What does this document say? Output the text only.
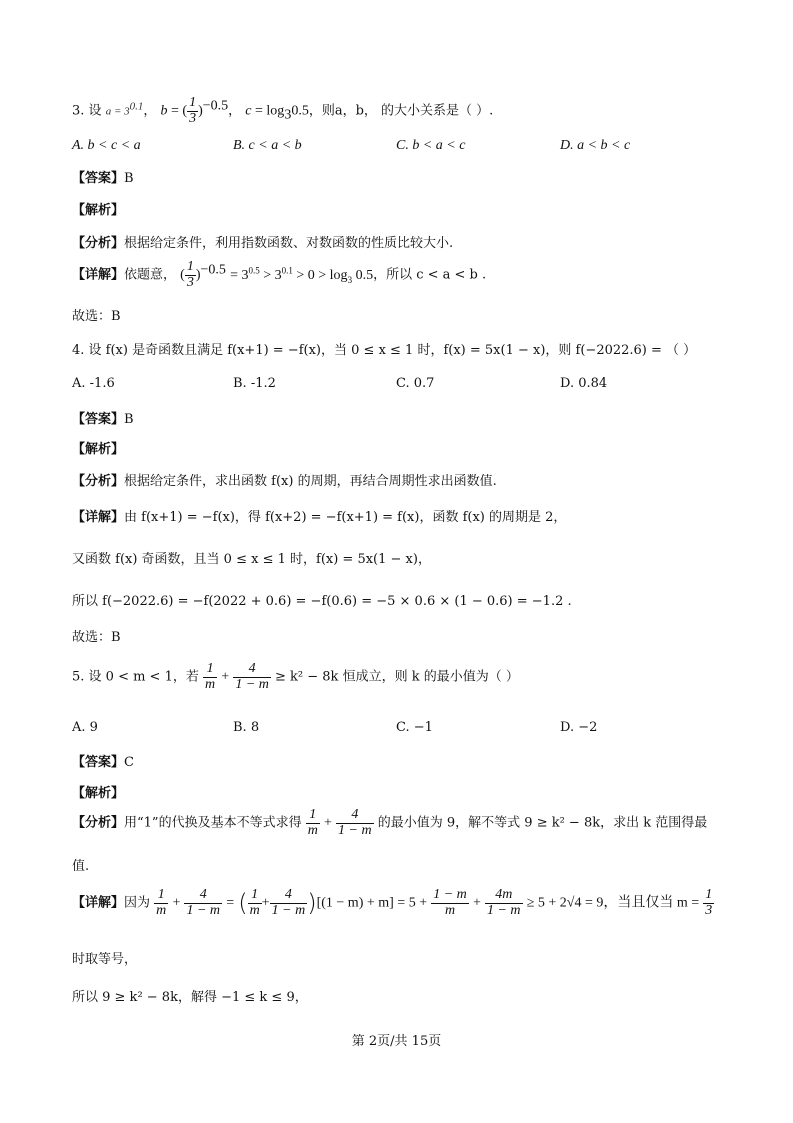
3. 设 $a = 3^{0.1}$， b = ( $\frac{1}{3} )^{-0.5}$， $c = \log_30.5$，则a，b， 的大小关系是（ ）.
A. b < c < a	B. c < a < b	C. b < a < c	D. a < b < c
【答案】B
【解析】
【分析】根据给定条件，利用指数函数、对数函数的性质比较大小.
【详解】依题意， ( $\frac{1}{3} )^{-0.5} = 3^{0.5} > 3^{0.1} > 0 > \log_3 0.5$，所以 c < a < b .
故选：B
4. 设 f(x) 是奇函数且满足 f(x+1) = −f(x)，当 0 ≤ x ≤ 1 时，f(x) = 5x(1 − x)，则 f(−2022.6) = （ ）
A. -1.6	B. -1.2	C. 0.7	D. 0.84
【答案】B
【解析】
【分析】根据给定条件，求出函数 f(x) 的周期，再结合周期性求出函数值.
【详解】由 f(x+1) = −f(x)，得 f(x+2) = −f(x+1) = f(x)，函数 f(x) 的周期是 2，
又函数 f(x) 奇函数，且当 0 ≤ x ≤ 1 时，f(x) = 5x(1 − x)，
所以 f(−2022.6) = −f(2022 + 0.6) = −f(0.6) = −5 × 0.6 × (1 − 0.6) = −1.2 .
故选：B
5. 设 0 < m < 1，若 $\frac{1}{m} + \frac{4}{1 - m} \ge k^2 - 8k$ 恒成立，则 k 的最小值为（ ）
A. 9	B. 8	C. −1	D. −2
【答案】C
【解析】
【分析】用“1”的代换及基本不等式求得 $\frac{1}{m} + \frac{4}{1 - m}$ 的最小值为 9，解不等式 9 ≥ k² − 8k，求出 k 范围得最
值.
【详解】因为 $\frac{1}{m} + \frac{4}{1 - m}$ = ( $\frac{1}{m} + \frac{4}{1 - m} )[(1 - m) + m] = 5 + \frac{1 - m}{m} + \frac{4m}{1 - m} \ge 5 + 2√4 = 9$，当且仅当 $m = \frac{1}{3}$
时取等号，
所以 9 ≥ k² − 8k，解得 −1 ≤ k ≤ 9，
第 2页/共 15页
